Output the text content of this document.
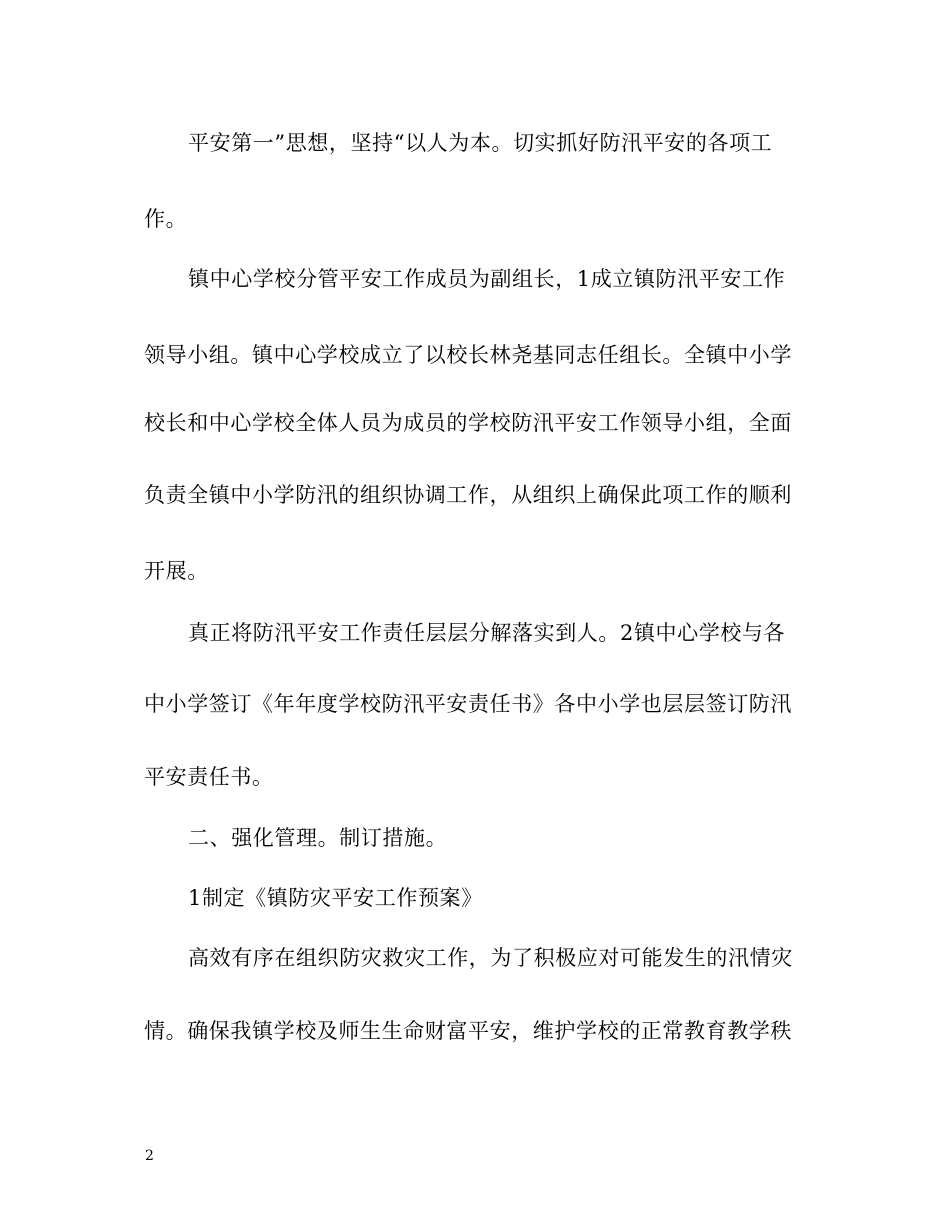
平安第一”思想，坚持“以人为本。切实抓好防汛平安的各项工
作。
镇中心学校分管平安工作成员为副组长，1成立镇防汛平安工作
领导小组。镇中心学校成立了以校长林尧基同志任组长。全镇中小学
校长和中心学校全体人员为成员的学校防汛平安工作领导小组，全面
负责全镇中小学防汛的组织协调工作，从组织上确保此项工作的顺利
开展。
真正将防汛平安工作责任层层分解落实到人。2镇中心学校与各
中小学签订《年年度学校防汛平安责任书》各中小学也层层签订防汛
平安责任书。
二、强化管理。制订措施。
1制定《镇防灾平安工作预案》
高效有序在组织防灾救灾工作，为了积极应对可能发生的汛情灾
情。确保我镇学校及师生生命财富平安，维护学校的正常教育教学秩
2
